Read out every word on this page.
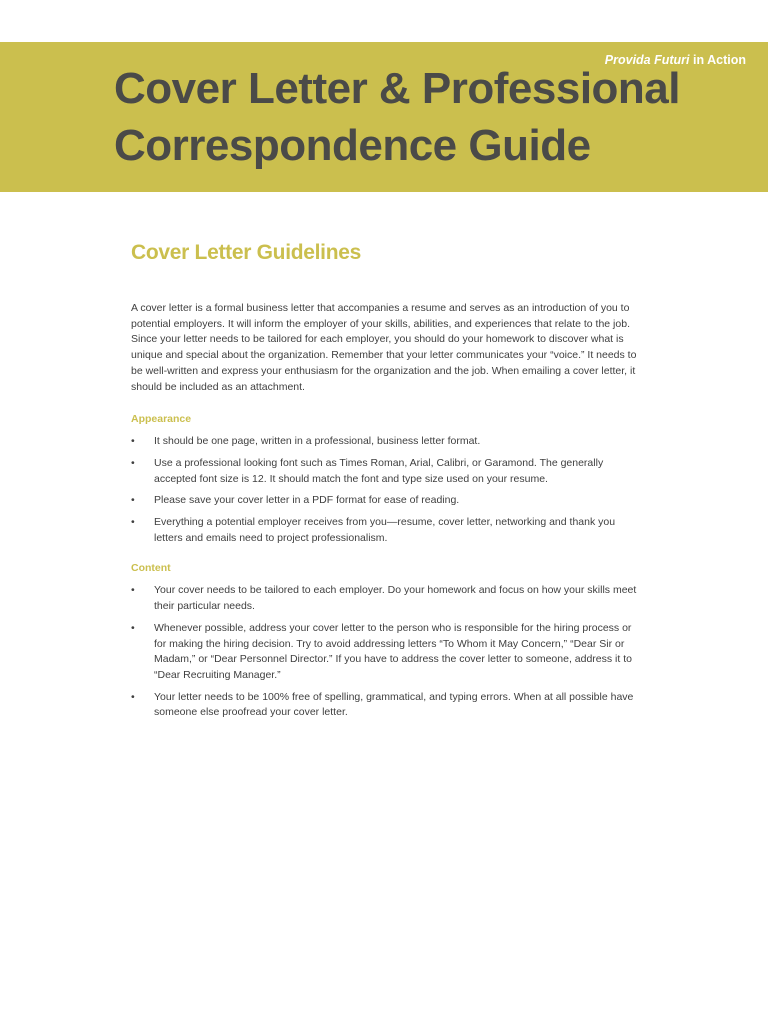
Provida Futuri in Action
Cover Letter & Professional
Correspondence Guide
Cover Letter Guidelines

A cover letter is a formal business letter that accompanies a resume and serves as an introduction of you to potential employers. It will inform the employer of your skills, abilities, and experiences that relate to the job. Since your letter needs to be tailored for each employer, you should do your homework to discover what is unique and special about the organization. Remember that your letter communicates your “voice.” It needs to be well-written and express your enthusiasm for the organization and the job. When emailing a cover letter, it should be included as an attachment.

Appearance
•	It should be one page, written in a professional, business letter format.
•	Use a professional looking font such as Times Roman, Arial, Calibri, or Garamond. The generally accepted font size is 12. It should match the font and type size used on your resume.
•	Please save your cover letter in a PDF format for ease of reading.
•	Everything a potential employer receives from you—resume, cover letter, networking and thank you letters and emails need to project professionalism.
Content
•	Your cover needs to be tailored to each employer. Do your homework and focus on how your skills meet their particular needs.
•	Whenever possible, address your cover letter to the person who is responsible for the hiring process or for making the hiring decision. Try to avoid addressing letters “To Whom it May Concern,” “Dear Sir or Madam,” or “Dear Personnel Director.” If you have to address the cover letter to someone, address it to “Dear Recruiting Manager.”
•	Your letter needs to be 100% free of spelling, grammatical, and typing errors. When at all possible have someone else proofread your cover letter.
